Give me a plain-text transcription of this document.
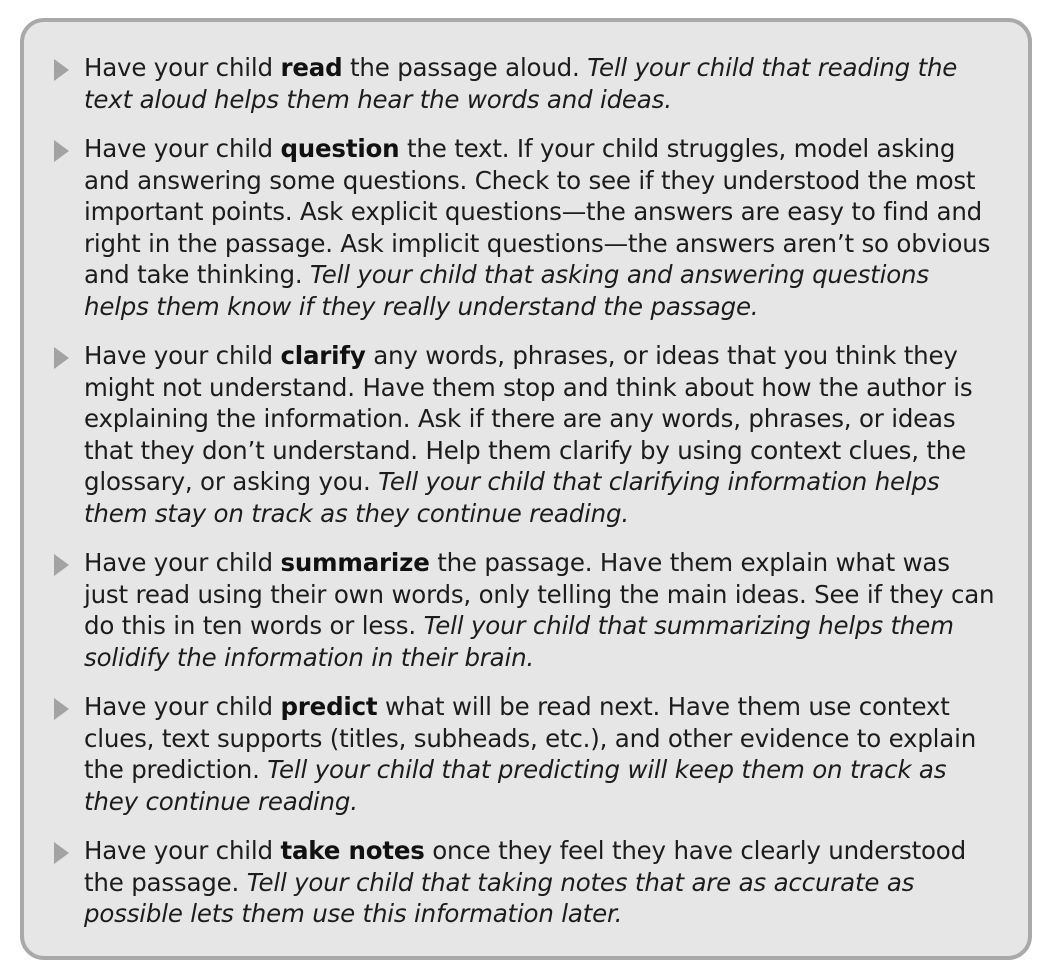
Have your child read the passage aloud. Tell your child that reading the text aloud helps them hear the words and ideas.

Have your child question the text. If your child struggles, model asking and answering some questions. Check to see if they understood the most important points. Ask explicit questions—the answers are easy to find and right in the passage. Ask implicit questions—the answers aren’t so obvious and take thinking. Tell your child that asking and answering questions helps them know if they really understand the passage.

Have your child clarify any words, phrases, or ideas that you think they might not understand. Have them stop and think about how the author is explaining the information. Ask if there are any words, phrases, or ideas that they don’t understand. Help them clarify by using context clues, the glossary, or asking you. Tell your child that clarifying information helps them stay on track as they continue reading.

Have your child summarize the passage. Have them explain what was just read using their own words, only telling the main ideas. See if they can do this in ten words or less. Tell your child that summarizing helps them solidify the information in their brain.

Have your child predict what will be read next. Have them use context clues, text supports (titles, subheads, etc.), and other evidence to explain the prediction. Tell your child that predicting will keep them on track as they continue reading.

Have your child take notes once they feel they have clearly understood the passage. Tell your child that taking notes that are as accurate as possible lets them use this information later.
